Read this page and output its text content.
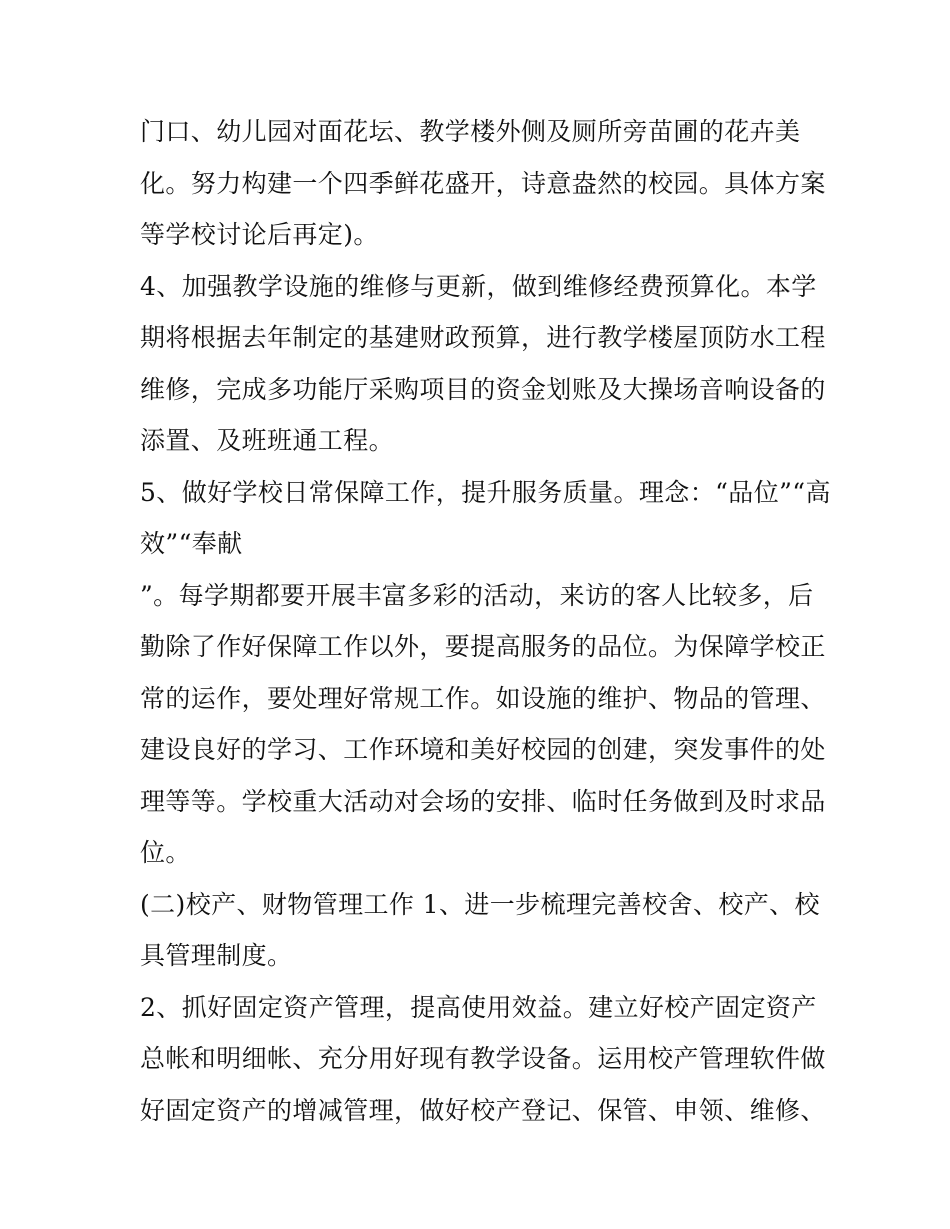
门口、幼儿园对面花坛、教学楼外侧及厕所旁苗圃的花卉美
化。努力构建一个四季鲜花盛开，诗意盎然的校园。具体方案
等学校讨论后再定)。
4、加强教学设施的维修与更新，做到维修经费预算化。本学
期将根据去年制定的基建财政预算，进行教学楼屋顶防水工程
维修，完成多功能厅采购项目的资金划账及大操场音响设备的
添置、及班班通工程。
5、做好学校日常保障工作，提升服务质量。理念：“品位”“高
效”“奉献
”。每学期都要开展丰富多彩的活动，来访的客人比较多，后
勤除了作好保障工作以外，要提高服务的品位。为保障学校正
常的运作，要处理好常规工作。如设施的维护、物品的管理、
建设良好的学习、工作环境和美好校园的创建，突发事件的处
理等等。学校重大活动对会场的安排、临时任务做到及时求品
位。
(二)校产、财物管理工作 1、进一步梳理完善校舍、校产、校
具管理制度。
2、抓好固定资产管理，提高使用效益。建立好校产固定资产
总帐和明细帐、充分用好现有教学设备。运用校产管理软件做
好固定资产的增减管理，做好校产登记、保管、申领、维修、
